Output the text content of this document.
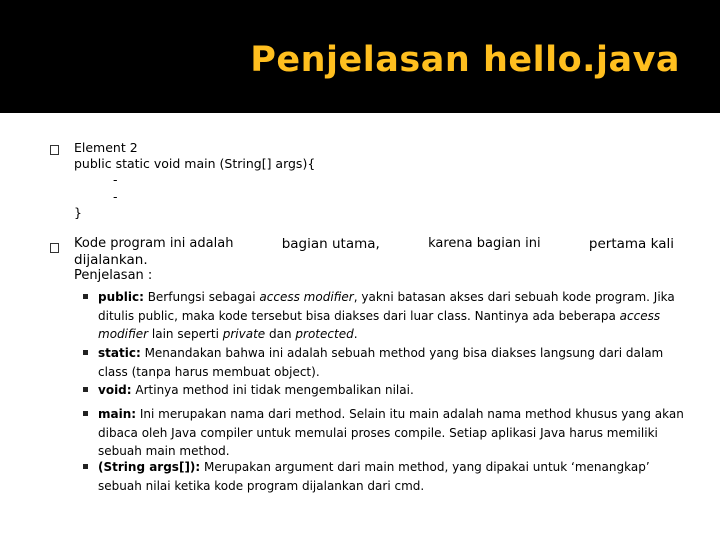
Penjelasan hello.java
Element 2
public static void main (String[] args){
-
-
}
Kode program ini adalah	bagian utama,	karena bagian ini	pertama kali
dijalankan.
Penjelasan :
public: Berfungsi sebagai access modifier, yakni batasan akses dari sebuah kode program. Jika ditulis public, maka kode tersebut bisa diakses dari luar class. Nantinya ada beberapa access modifier lain seperti private dan protected.
static: Menandakan bahwa ini adalah sebuah method yang bisa diakses langsung dari dalam class (tanpa harus membuat object).
void: Artinya method ini tidak mengembalikan nilai.
main: Ini merupakan nama dari method. Selain itu main adalah nama method khusus yang akan dibaca oleh Java compiler untuk memulai proses compile. Setiap aplikasi Java harus memiliki sebuah main method.
(String args[]): Merupakan argument dari main method, yang dipakai untuk ‘menangkap’ sebuah nilai ketika kode program dijalankan dari cmd.
